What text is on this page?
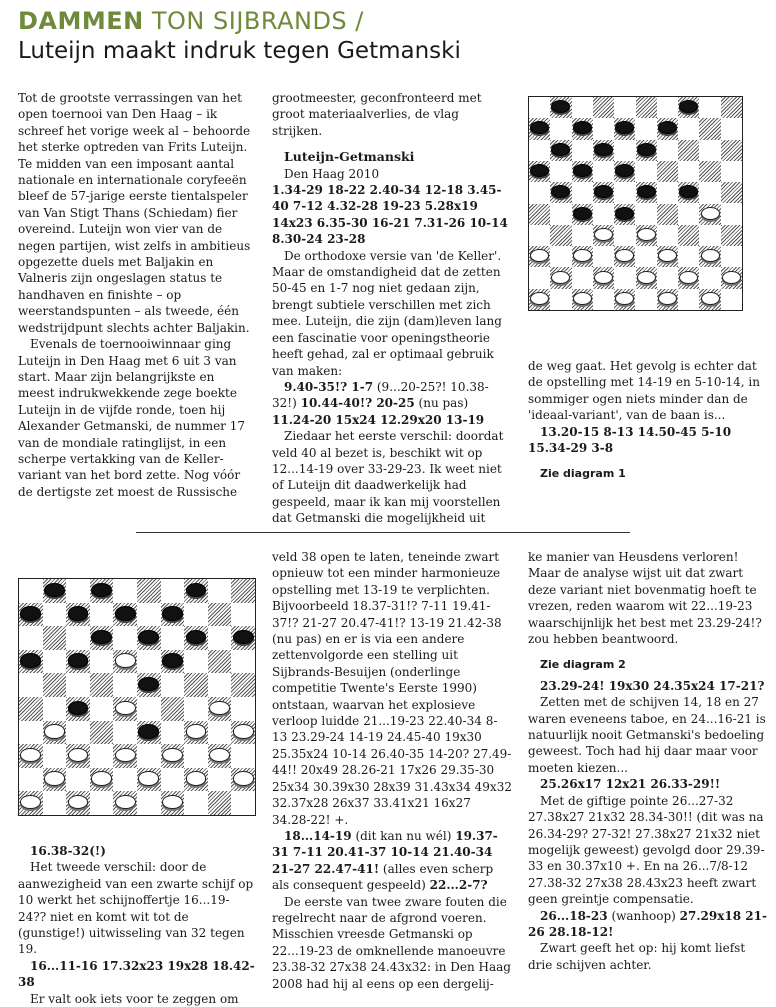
DAMMEN TON SIJBRANDS /
Luteijn maakt indruk tegen Getmanski

Tot de grootste verrassingen van het open toernooi van Den Haag – ik schreef het vorige week al – behoorde het sterke optreden van Frits Luteijn. Te midden van een imposant aantal nationale en internationale coryfeeën bleef de 57-jarige eerste tientalspeler van Van Stigt Thans (Schiedam) fier overeind. Luteijn won vier van de negen partijen, wist zelfs in ambitieus opgezette duels met Baljakin en Valneris zijn ongeslagen status te handhaven en finishte – op weerstandspunten – als tweede, één wedstrijdpunt slechts achter Baljakin.

Evenals de toernooiwinnaar ging Luteijn in Den Haag met 6 uit 3 van start. Maar zijn belangrijkste en meest indrukwekkende zege boekte Luteijn in de vijfde ronde, toen hij Alexander Getmanski, de nummer 17 van de mondiale ratinglijst, in een scherpe vertakking van de Keller-variant van het bord zette. Nog vóór de dertigste zet moest de Russische

grootmeester, geconfronteerd met groot materiaalverlies, de vlag strijken.

Luteijn-Getmanski

Den Haag 2010

1.34-29 18-22 2.40-34 12-18 3.45-40 7-12 4.32-28 19-23 5.28x19 14x23 6.35-30 16-21 7.31-26 10-14 8.30-24 23-28

De orthodoxe versie van 'de Keller'. Maar de omstandigheid dat de zetten 50-45 en 1-7 nog niet gedaan zijn, brengt subtiele verschillen met zich mee. Luteijn, die zijn (dam)leven lang een fascinatie voor openingstheorie heeft gehad, zal er optimaal gebruik van maken:

9.40-35!? 1-7 (9...20-25?! 10.38-32!) 10.44-40!? 20-25 (nu pas) 11.24-20 15x24 12.29x20 13-19

Ziedaar het eerste verschil: doordat veld 40 al bezet is, beschikt wit op 12...14-19 over 33-29-23. Ik weet niet of Luteijn dit daadwerkelijk had gespeeld, maar ik kan mij voorstellen dat Getmanski die mogelijkheid uit

de weg gaat. Het gevolg is echter dat de opstelling met 14-19 en 5-10-14, in sommiger ogen niets minder dan de 'ideaal-variant', van de baan is...

13.20-15 8-13 14.50-45 5-10 15.34-29 3-8

Zie diagram 1

16.38-32(!)

Het tweede verschil: door de aanwezigheid van een zwarte schijf op 10 werkt het schijnoffertje 16...19-24?? niet en komt wit tot de (gunstige!) uitwisseling van 32 tegen 19.

16...11-16 17.32x23 19x28 18.42-38

Er valt ook iets voor te zeggen om

veld 38 open te laten, teneinde zwart opnieuw tot een minder harmonieuze opstelling met 13-19 te verplichten. Bijvoorbeeld 18.37-31!? 7-11 19.41-37!? 21-27 20.47-41!? 13-19 21.42-38 (nu pas) en er is via een andere zettenvolgorde een stelling uit Sijbrands-Besuijen (onderlinge competitie Twente's Eerste 1990) ontstaan, waarvan het explosieve verloop luidde 21...19-23 22.40-34 8-13 23.29-24 14-19 24.45-40 19x30 25.35x24 10-14 26.40-35 14-20? 27.49-44!! 20x49 28.26-21 17x26 29.35-30 25x34 30.39x30 28x39 31.43x34 49x32 32.37x28 26x37 33.41x21 16x27 34.28-22! +.

18...14-19 (dit kan nu wél) 19.37-31 7-11 20.41-37 10-14 21.40-34 21-27 22.47-41! (alles even scherp als consequent gespeeld) 22...2-7?

De eerste van twee zware fouten die regelrecht naar de afgrond voeren. Misschien vreesde Getmanski op 22...19-23 de omknellende manoeuvre 23.38-32 27x38 24.43x32: in Den Haag 2008 had hij al eens op een dergelij-

ke manier van Heusdens verloren! Maar de analyse wijst uit dat zwart deze variant niet bovenmatig hoeft te vrezen, reden waarom wit 22...19-23 waarschijnlijk het best met 23.29-24!? zou hebben beantwoord.

Zie diagram 2

23.29-24! 19x30 24.35x24 17-21?

Zetten met de schijven 14, 18 en 27 waren eveneens taboe, en 24...16-21 is natuurlijk nooit Getmanski's bedoeling geweest. Toch had hij daar maar voor moeten kiezen...

25.26x17 12x21 26.33-29!!

Met de giftige pointe 26...27-32 27.38x27 21x32 28.34-30!! (dit was na 26.34-29? 27-32! 27.38x27 21x32 niet mogelijk geweest) gevolgd door 29.39-33 en 30.37x10 +. En na 26...7/8-12 27.38-32 27x38 28.43x23 heeft zwart geen greintje compensatie.

26...18-23 (wanhoop) 27.29x18 21-26 28.18-12!

Zwart geeft het op: hij komt liefst drie schijven achter.
